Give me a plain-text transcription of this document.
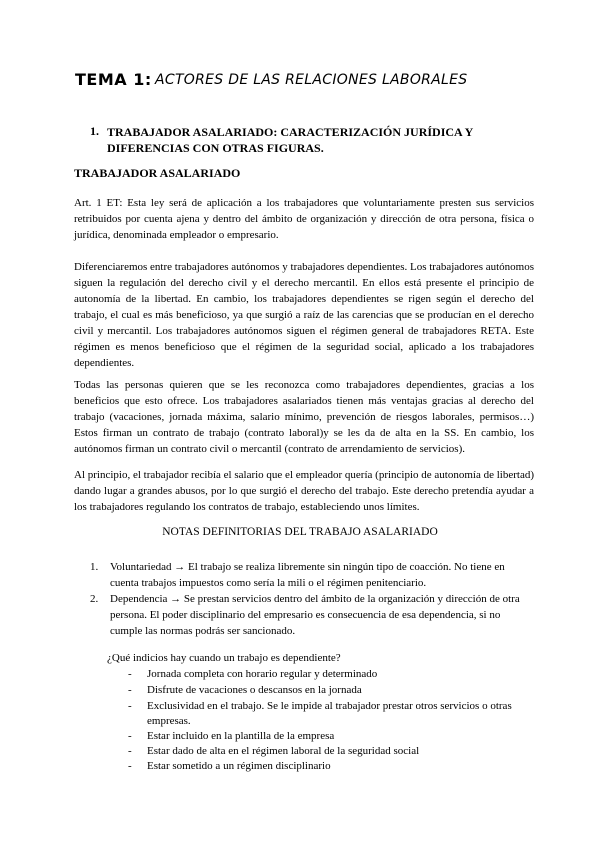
TEMA 1: ACTORES DE LAS RELACIONES LABORALES
1. TRABAJADOR ASALARIADO: CARACTERIZACIÓN JURÍDICA Y DIFERENCIAS CON OTRAS FIGURAS.
TRABAJADOR ASALARIADO

Art. 1 ET: Esta ley será de aplicación a los trabajadores que voluntariamente presten sus servicios retribuidos por cuenta ajena y dentro del ámbito de organización y dirección de otra persona, física o jurídica, denominada empleador o empresario.

Diferenciaremos entre trabajadores autónomos y trabajadores dependientes. Los trabajadores autónomos siguen la regulación del derecho civil y el derecho mercantil. En ellos está presente el principio de autonomía de la libertad. En cambio, los trabajadores dependientes se rigen según el derecho del trabajo, el cual es más beneficioso, ya que surgió a raíz de las carencias que se producían en el derecho civil y mercantil. Los trabajadores autónomos siguen el régimen general de trabajadores RETA. Este régimen es menos beneficioso que el régimen de la seguridad social, aplicado a los trabajadores dependientes.

Todas las personas quieren que se les reconozca como trabajadores dependientes, gracias a los beneficios que esto ofrece. Los trabajadores asalariados tienen más ventajas gracias al derecho del trabajo (vacaciones, jornada máxima, salario mínimo, prevención de riesgos laborales, permisos…) Estos firman un contrato de trabajo (contrato laboral)y se les da de alta en la SS. En cambio, los autónomos firman un contrato civil o mercantil (contrato de arrendamiento de servicios).

Al principio, el trabajador recibía el salario que el empleador quería (principio de autonomía de libertad) dando lugar a grandes abusos, por lo que surgió el derecho del trabajo. Este derecho pretendía ayudar a los trabajadores regulando los contratos de trabajo, estableciendo unos límites.

NOTAS DEFINITORIAS DEL TRABAJO ASALARIADO
1. Voluntariedad → El trabajo se realiza libremente sin ningún tipo de coacción. No tiene en cuenta trabajos impuestos como sería la mili o el régimen penitenciario.
2. Dependencia → Se prestan servicios dentro del ámbito de la organización y dirección de otra persona. El poder disciplinario del empresario es consecuencia de esa dependencia, si no cumple las normas podrás ser sancionado.
¿Qué indicios hay cuando un trabajo es dependiente?
- Jornada completa con horario regular y determinado
- Disfrute de vacaciones o descansos en la jornada
- Exclusividad en el trabajo. Se le impide al trabajador prestar otros servicios o otras empresas.
- Estar incluido en la plantilla de la empresa
- Estar dado de alta en el régimen laboral de la seguridad social
- Estar sometido a un régimen disciplinario
